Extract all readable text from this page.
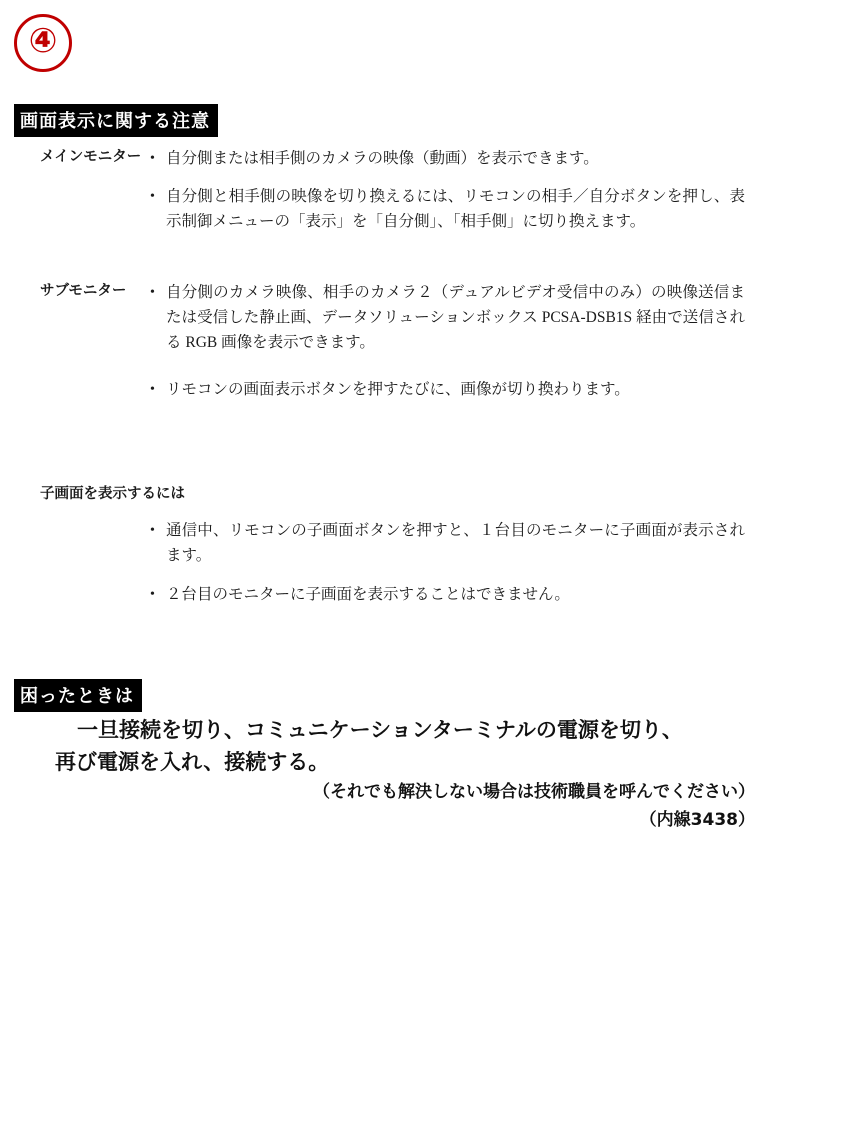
④
画面表示に関する注意
メインモニター • 自分側または相手側のカメラの映像（動画）を表示できます。
• 自分側と相手側の映像を切り換えるには、リモコンの相手／自分ボタンを押し、表示制御メニューの「表示」を「自分側」、「相手側」に切り換えます。
サブモニター	• 自分側のカメラ映像、相手のカメラ２（デュアルビデオ受信中のみ）の映像送信または受信した静止画、データソリューションボックス PCSA-DSB1S 経由で送信される RGB 画像を表示できます。
• リモコンの画面表示ボタンを押すたびに、画像が切り換わります。
子画面を表示するには
• 通信中、リモコンの子画面ボタンを押すと、１台目のモニターに子画面が表示されます。
• ２台目のモニターに子画面を表示することはできません。
困ったときは
一旦接続を切り、コミュニケーションターミナルの電源を切り、
再び電源を入れ、接続する。
（それでも解決しない場合は技術職員を呼んでください）
（内線3438）
